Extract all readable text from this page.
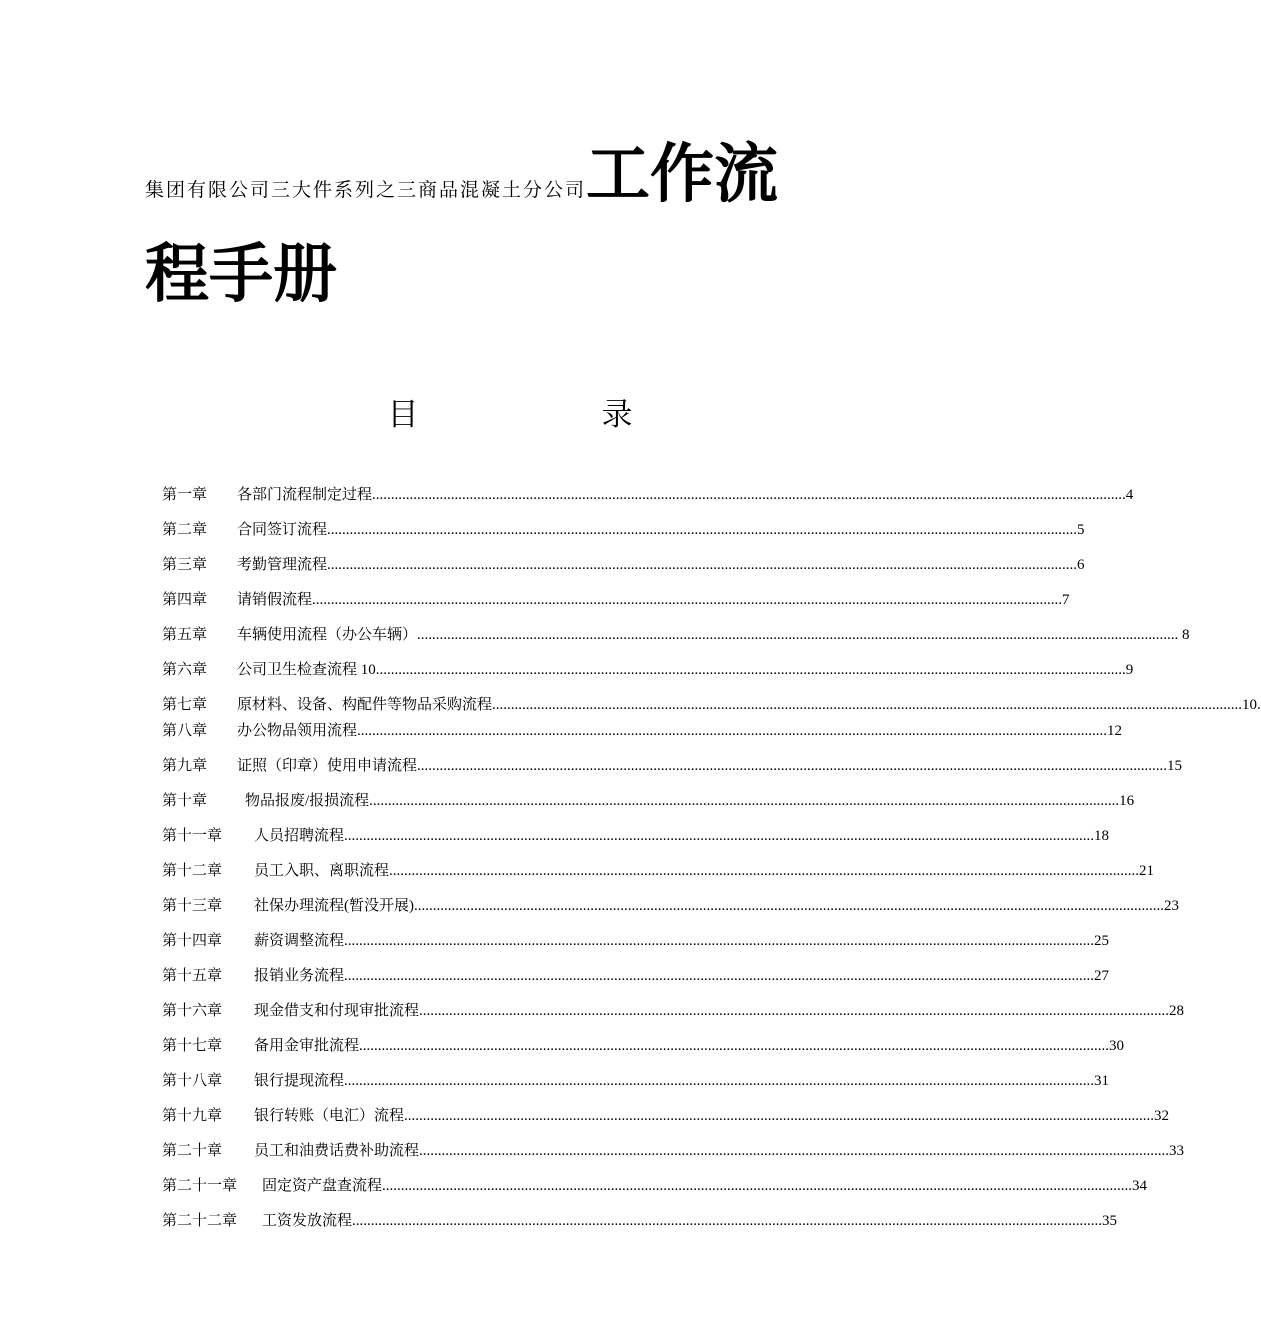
集团有限公司三大件系列之三商品混凝土分公司工作流
程手册
目	录
第一章	各部门流程制定过程 ........................................................................................................................................................................................................ .4
第二章	合同签订流程 ........................................................................................................................................................................................................ 5
第三章	考勤管理流程 ........................................................................................................................................................................................................ 6
第四章	请销假流程 ........................................................................................................................................................................................................ 7
第五章	车辆使用流程（办公车辆） ........................................................................................................................................................................................................ ... 8
第六章	公司卫生检查流程 10 ........................................................................................................................................................................................................ 9
第七章	原材料、设备、构配件等物品采购流程 ........................................................................................................................................................................................................ 10.
第八章	办公物品领用流程 ........................................................................................................................................................................................................ 12
第九章	证照（印章）使用申请流程 ........................................................................................................................................................................................................ 15
第十章	物品报废/报损流程 ........................................................................................................................................................................................................ 16
第十一章	人员招聘流程 ........................................................................................................................................................................................................ 18
第十二章	员工入职、离职流程 ........................................................................................................................................................................................................ 21
第十三章	社保办理流程(暂没开展) ........................................................................................................................................................................................................ 23
第十四章	薪资调整流程 ........................................................................................................................................................................................................ 25
第十五章	报销业务流程 ........................................................................................................................................................................................................ 27
第十六章	现金借支和付现审批流程 ........................................................................................................................................................................................................ 28
第十七章	备用金审批流程 ........................................................................................................................................................................................................ 30
第十八章	银行提现流程 ........................................................................................................................................................................................................ 31
第十九章	银行转账（电汇）流程 ........................................................................................................................................................................................................ 32
第二十章	员工和油费话费补助流程 ........................................................................................................................................................................................................ 33
第二十一章	固定资产盘查流程 ........................................................................................................................................................................................................ 34
第二十二章	工资发放流程 ........................................................................................................................................................................................................ 35
